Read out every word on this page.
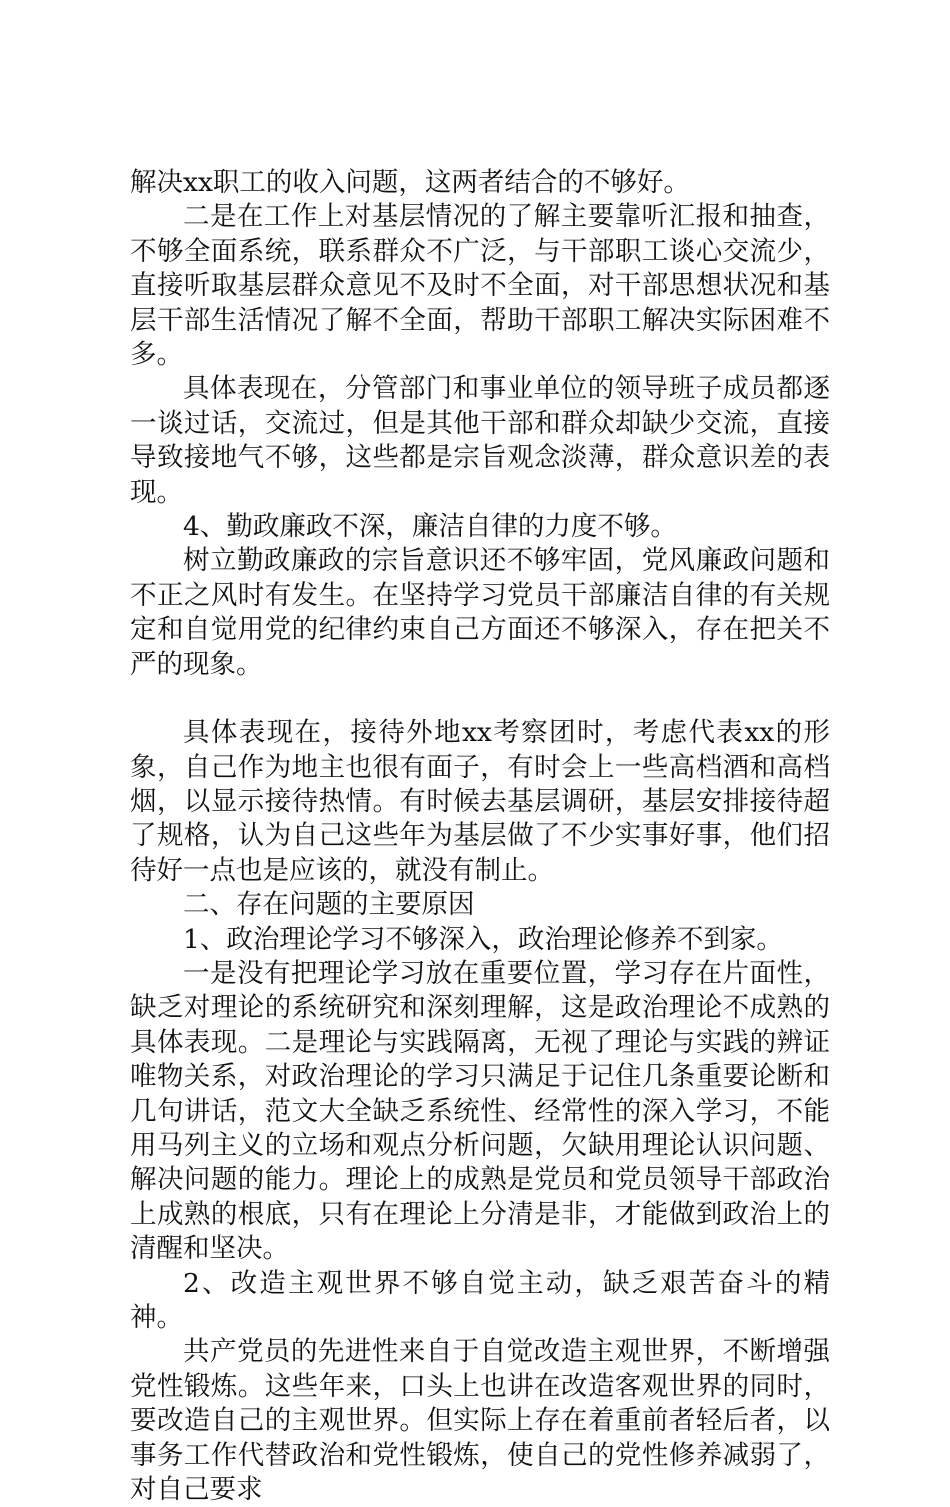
解决xx职工的收入问题，这两者结合的不够好。

二是在工作上对基层情况的了解主要靠听汇报和抽查，不够全面系统，联系群众不广泛，与干部职工谈心交流少，直接听取基层群众意见不及时不全面，对干部思想状况和基层干部生活情况了解不全面，帮助干部职工解决实际困难不多。

具体表现在，分管部门和事业单位的领导班子成员都逐一谈过话，交流过，但是其他干部和群众却缺少交流，直接导致接地气不够，这些都是宗旨观念淡薄，群众意识差的表现。

4、勤政廉政不深，廉洁自律的力度不够。

树立勤政廉政的宗旨意识还不够牢固，党风廉政问题和不正之风时有发生。在坚持学习党员干部廉洁自律的有关规定和自觉用党的纪律约束自己方面还不够深入，存在把关不严的现象。

具体表现在，接待外地xx考察团时，考虑代表xx的形象，自己作为地主也很有面子，有时会上一些高档酒和高档烟，以显示接待热情。有时候去基层调研，基层安排接待超了规格，认为自己这些年为基层做了不少实事好事，他们招待好一点也是应该的，就没有制止。

二、存在问题的主要原因

1、政治理论学习不够深入，政治理论修养不到家。

一是没有把理论学习放在重要位置，学习存在片面性，缺乏对理论的系统研究和深刻理解，这是政治理论不成熟的具体表现。二是理论与实践隔离，无视了理论与实践的辨证唯物关系，对政治理论的学习只满足于记住几条重要论断和几句讲话，范文大全缺乏系统性、经常性的深入学习，不能用马列主义的立场和观点分析问题，欠缺用理论认识问题、解决问题的能力。理论上的成熟是党员和党员领导干部政治上成熟的根底，只有在理论上分清是非，才能做到政治上的清醒和坚决。

2、改造主观世界不够自觉主动，缺乏艰苦奋斗的精神。

共产党员的先进性来自于自觉改造主观世界，不断增强党性锻炼。这些年来，口头上也讲在改造客观世界的同时，要改造自己的主观世界。但实际上存在着重前者轻后者，以事务工作代替政治和党性锻炼，使自己的党性修养减弱了，对自己要求
